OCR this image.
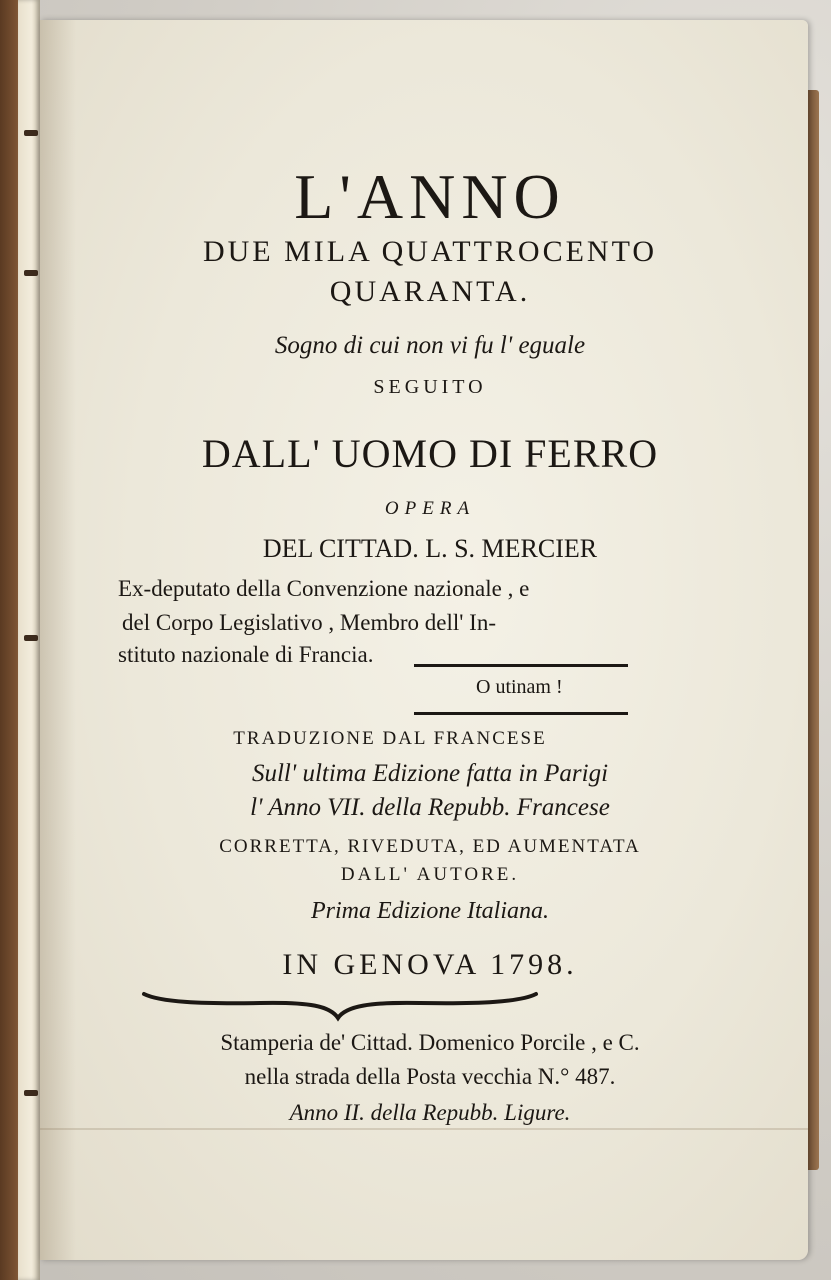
L'ANNO

DUE MILA QUATTROCENTO

QUARANTA.

Sogno di cui non vi fu l' eguale

SEGUITO

DALL' UOMO DI FERRO

OPERA

DEL CITTAD. L. S. MERCIER

Ex-deputato della Convenzione nazionale , e

del Corpo Legislativo , Membro dell' In-

stituto nazionale di Francia.

O utinam !

TRADUZIONE DAL FRANCESE

Sull' ultima Edizione fatta in Parigi

l' Anno VII. della Repubb. Francese

CORRETTA, RIVEDUTA, ED AUMENTATA

DALL' AUTORE.

Prima Edizione Italiana.

IN GENOVA 1798.

Stamperia de' Cittad. Domenico Porcile , e C.

nella strada della Posta vecchia N.° 487.

Anno II. della Repubb. Ligure.
